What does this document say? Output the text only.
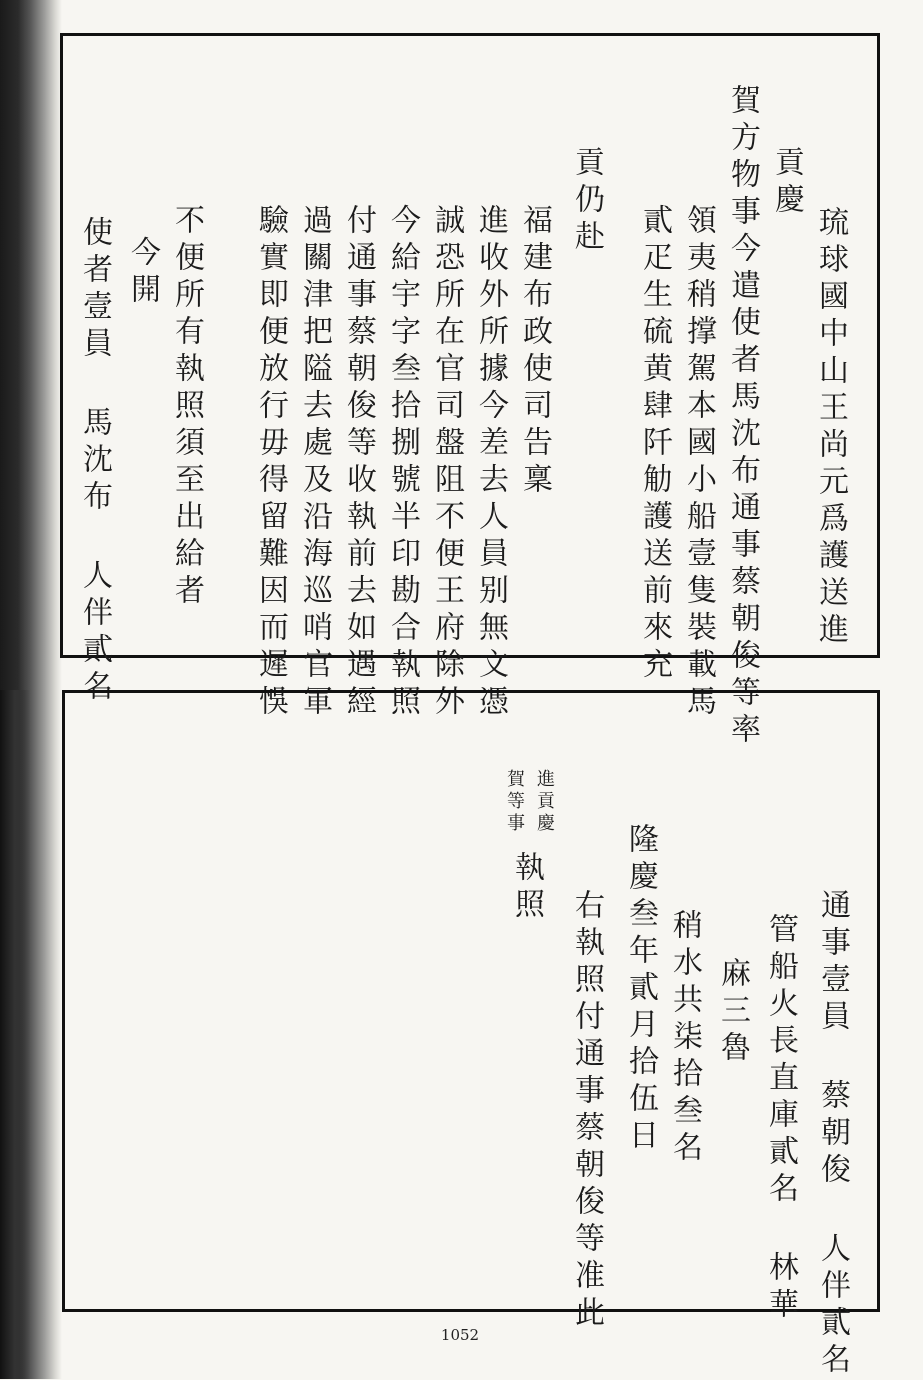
琉球國中山王尚元爲護送進
貢慶
賀方物事今遣使者馬沈布通事蔡朝俊等率
領夷稍撑駕本國小船壹隻裝載馬
貳疋生硫黄肆阡觔護送前來充
貢仍赴
福建布政使司告稟
進收外所據今差去人員别無文憑
誠恐所在官司盤阻不便王府除外
今給宇字叁拾捌號半印勘合執照
付通事蔡朝俊等收執前去如遇經
過關津把隘去處及沿海巡哨官軍
驗實即便放行毋得留難因而遲悞
不便所有執照須至出給者
今開
使者壹員 馬沈布 人伴貳名
通事壹員 蔡朝俊 人伴貳名
管船火長直庫貳名 林華
麻三魯
稍水共柒拾叁名
隆慶叁年貳月拾伍日
右執照付通事蔡朝俊等准此
執照
進貢慶
賀等事
1052
